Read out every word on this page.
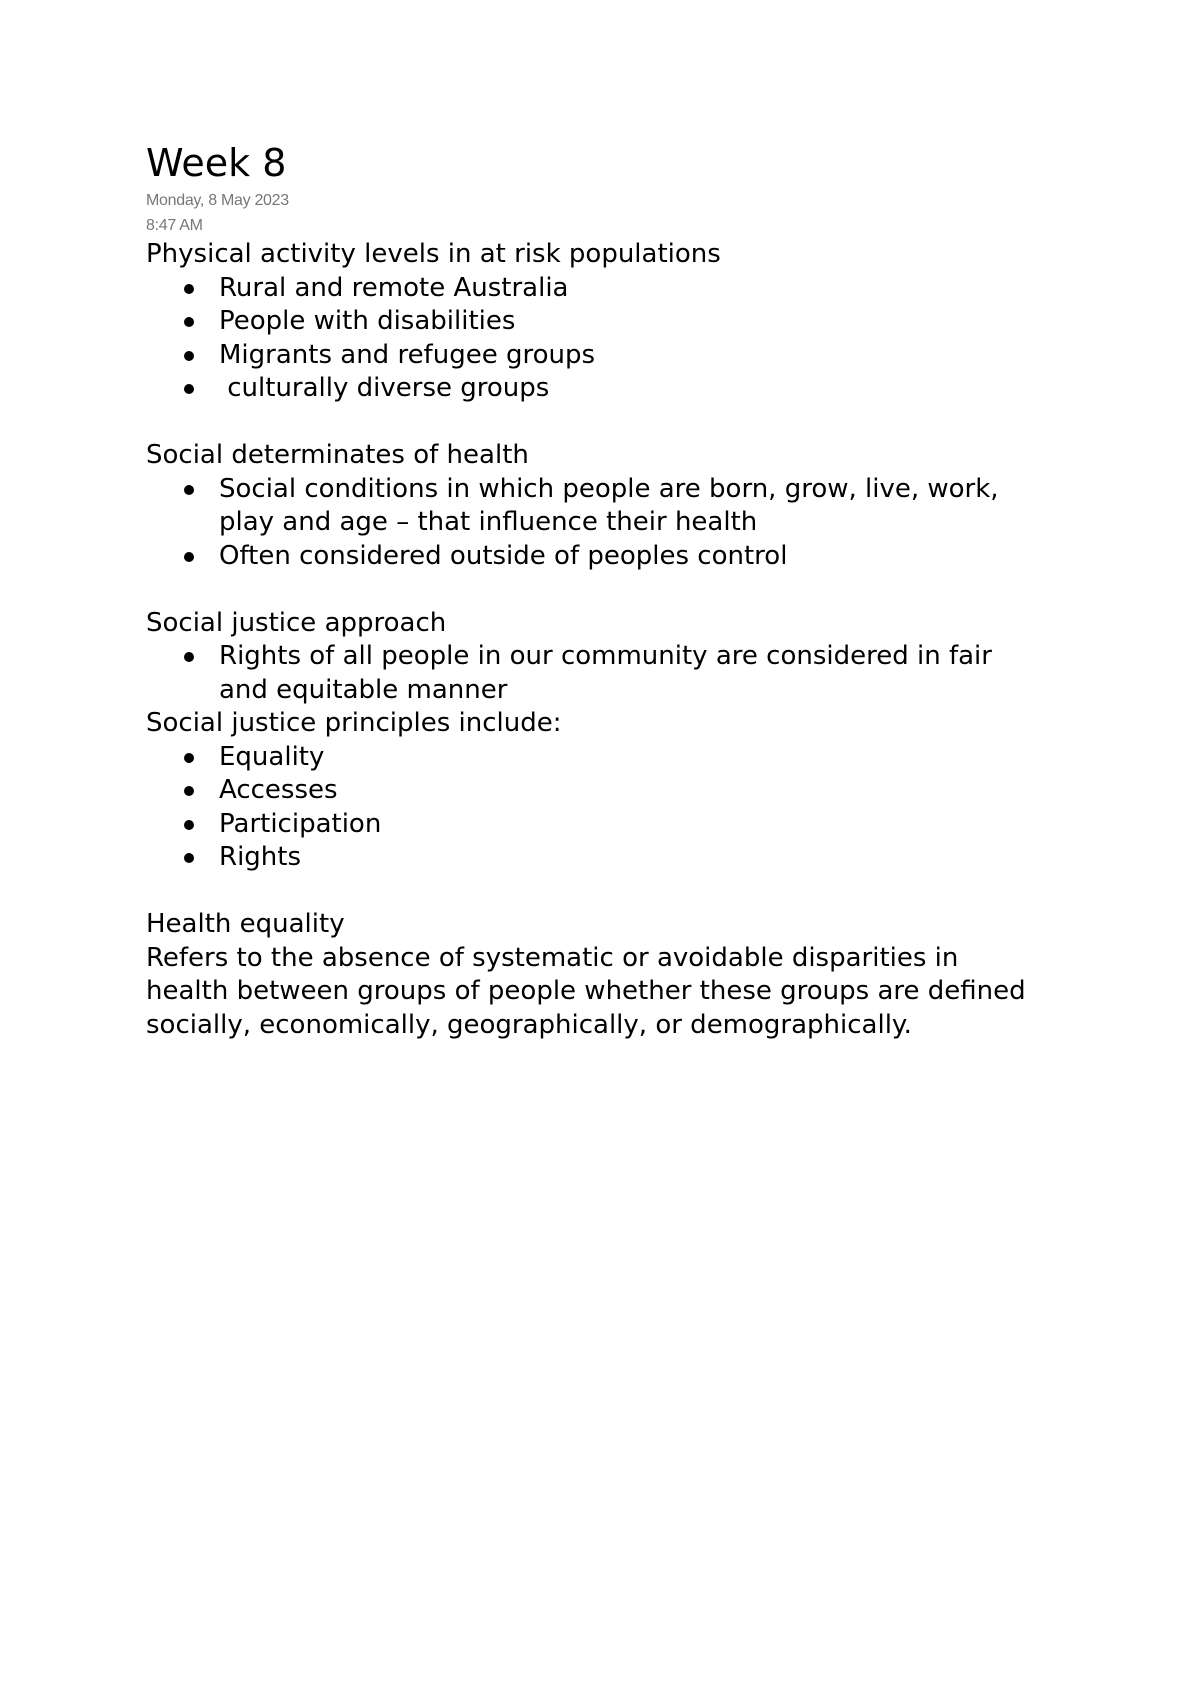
Week 8
Monday, 8 May 2023
8:47 AM

Physical activity levels in at risk populations

Rural and remote Australia
People with disabilities
Migrants and refugee groups
culturally diverse groups

Social determinates of health

Social conditions in which people are born, grow, live, work, play and age – that influence their health
Often considered outside of peoples control

Social justice approach

Rights of all people in our community are considered in fair and equitable manner

Social justice principles include:

Equality
Accesses
Participation
Rights

Health equality

Refers to the absence of systematic or avoidable disparities in health between groups of people whether these groups are defined socially, economically, geographically, or demographically.
